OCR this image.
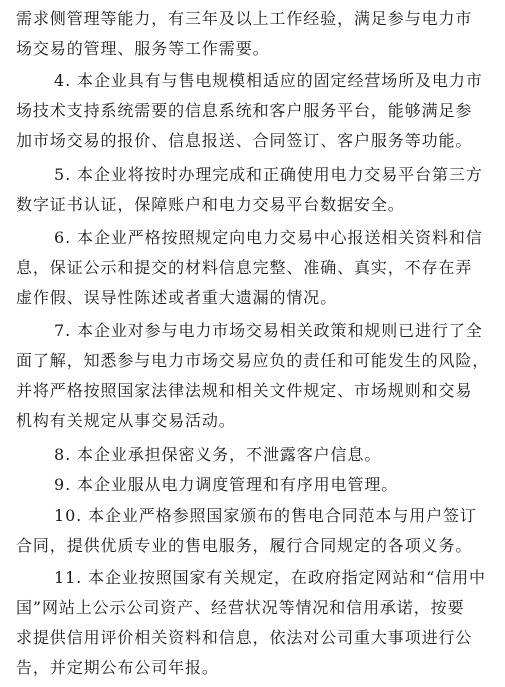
需求侧管理等能力，有三年及以上工作经验，满足参与电力市
场交易的管理、服务等工作需要。

4. 本企业具有与售电规模相适应的固定经营场所及电力市
场技术支持系统需要的信息系统和客户服务平台，能够满足参
加市场交易的报价、信息报送、合同签订、客户服务等功能。

5. 本企业将按时办理完成和正确使用电力交易平台第三方
数字证书认证，保障账户和电力交易平台数据安全。

6. 本企业严格按照规定向电力交易中心报送相关资料和信
息，保证公示和提交的材料信息完整、准确、真实，不存在弄
虚作假、误导性陈述或者重大遗漏的情况。

7. 本企业对参与电力市场交易相关政策和规则已进行了全
面了解，知悉参与电力市场交易应负的责任和可能发生的风险，
并将严格按照国家法律法规和相关文件规定、市场规则和交易
机构有关规定从事交易活动。

8. 本企业承担保密义务，不泄露客户信息。

9. 本企业服从电力调度管理和有序用电管理。

10. 本企业严格参照国家颁布的售电合同范本与用户签订
合同，提供优质专业的售电服务，履行合同规定的各项义务。

11. 本企业按照国家有关规定，在政府指定网站和“信用中
国”网站上公示公司资产、经营状况等情况和信用承诺，按要
求提供信用评价相关资料和信息，依法对公司重大事项进行公
告，并定期公布公司年报。
